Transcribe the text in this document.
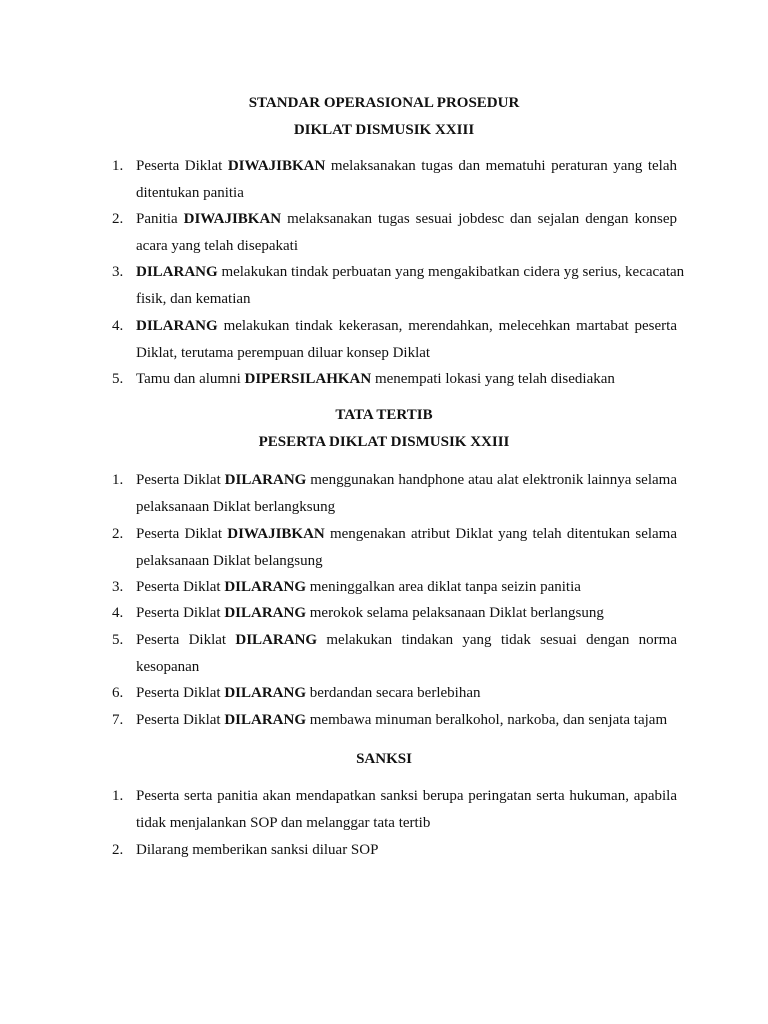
STANDAR OPERASIONAL PROSEDUR
DIKLAT DISMUSIK XXIII
1. Peserta Diklat DIWAJIBKAN melaksanakan tugas dan mematuhi peraturan yang telah
ditentukan panitia
2. Panitia DIWAJIBKAN melaksanakan tugas sesuai jobdesc dan sejalan dengan konsep
acara yang telah disepakati
3. DILARANG melakukan tindak perbuatan yang mengakibatkan cidera yg serius, kecacatan
fisik, dan kematian
4. DILARANG melakukan tindak kekerasan, merendahkan, melecehkan martabat peserta
Diklat, terutama perempuan diluar konsep Diklat
5. Tamu dan alumni DIPERSILAHKAN menempati lokasi yang telah disediakan
TATA TERTIB
PESERTA DIKLAT DISMUSIK XXIII
1. Peserta Diklat DILARANG menggunakan handphone atau alat elektronik lainnya selama
pelaksanaan Diklat berlangksung
2. Peserta Diklat DIWAJIBKAN mengenakan atribut Diklat yang telah ditentukan selama
pelaksanaan Diklat belangsung
3. Peserta Diklat DILARANG meninggalkan area diklat tanpa seizin panitia
4. Peserta Diklat DILARANG merokok selama pelaksanaan Diklat berlangsung
5. Peserta Diklat DILARANG melakukan tindakan yang tidak sesuai dengan norma
kesopanan
6. Peserta Diklat DILARANG berdandan secara berlebihan
7. Peserta Diklat DILARANG membawa minuman beralkohol, narkoba, dan senjata tajam
SANKSI
1. Peserta serta panitia akan mendapatkan sanksi berupa peringatan serta hukuman, apabila
tidak menjalankan SOP dan melanggar tata tertib
2. Dilarang memberikan sanksi diluar SOP
